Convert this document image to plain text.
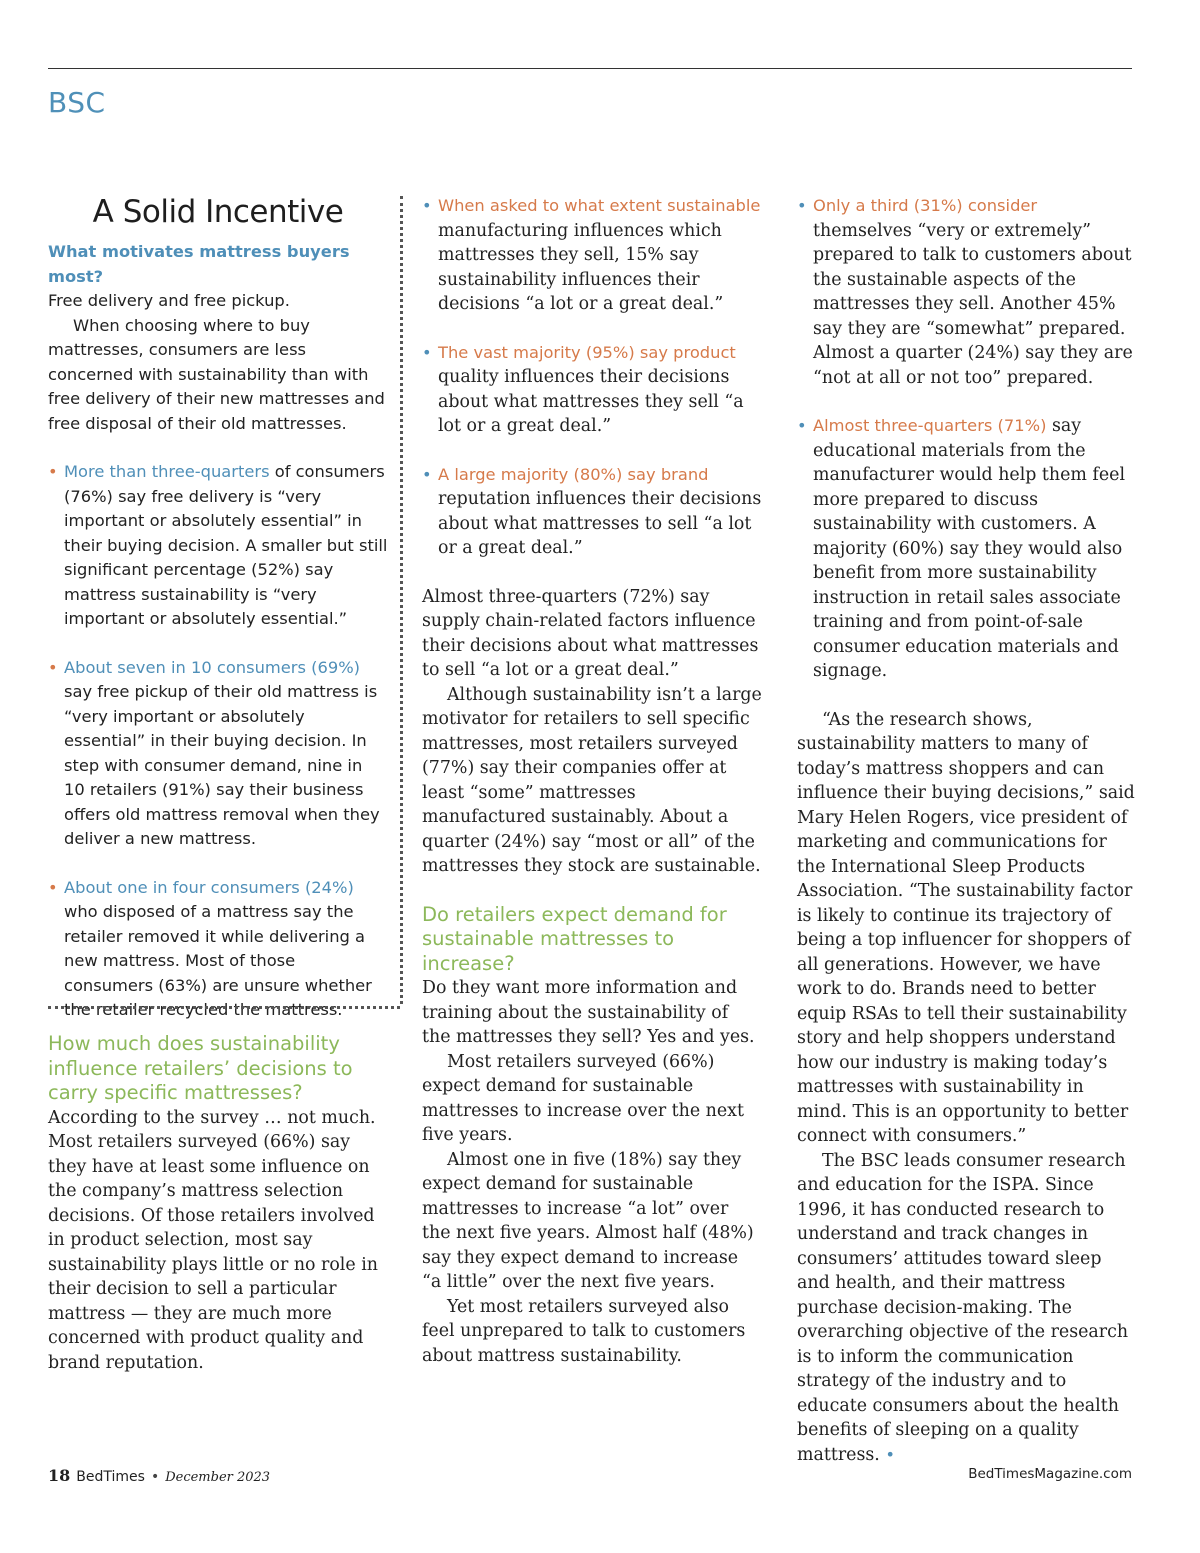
BSC
A Solid Incentive

What motivates mattress buyers most?

Free delivery and free pickup.

When choosing where to buy mattresses, consumers are less concerned with sustainability than with free delivery of their new mattresses and free disposal of their old mattresses.

• More than three-quarters of consumers (76%) say free delivery is “very important or absolutely essential” in their buying decision. A smaller but still significant percentage (52%) say mattress sustainability is “very important or absolutely essential.”
• About seven in 10 consumers (69%) say free pickup of their old mattress is “very important or absolutely essential” in their buying decision. In step with consumer demand, nine in 10 retailers (91%) say their business offers old mattress removal when they deliver a new mattress.
• About one in four consumers (24%) who disposed of a mattress say the retailer removed it while delivering a new mattress. Most of those consumers (63%) are unsure whether the retailer recycled the mattress.

How much does sustainability influence retailers’ decisions to carry specific mattresses?

According to the survey … not much. Most retailers surveyed (66%) say they have at least some influence on the company’s mattress selection decisions. Of those retailers involved in product selection, most say sustainability plays little or no role in their decision to sell a particular mattress — they are much more concerned with product quality and brand reputation.

• When asked to what extent sustainable manufacturing influences which mattresses they sell, 15% say sustainability influences their decisions “a lot or a great deal.”
• The vast majority (95%) say product quality influences their decisions about what mattresses they sell “a lot or a great deal.”
• A large majority (80%) say brand reputation influences their decisions about what mattresses to sell “a lot or a great deal.”

Almost three-quarters (72%) say supply chain-related factors influence their decisions about what mattresses to sell “a lot or a great deal.”

Although sustainability isn’t a large motivator for retailers to sell specific mattresses, most retailers surveyed (77%) say their companies offer at least “some” mattresses manufactured sustainably. About a quarter (24%) say “most or all” of the mattresses they stock are sustainable.

Do retailers expect demand for sustainable mattresses to increase?

Do they want more information and training about the sustainability of the mattresses they sell? Yes and yes.

Most retailers surveyed (66%) expect demand for sustainable mattresses to increase over the next five years.

Almost one in five (18%) say they expect demand for sustainable mattresses to increase “a lot” over the next five years. Almost half (48%) say they expect demand to increase “a little” over the next five years.

Yet most retailers surveyed also feel unprepared to talk to customers about mattress sustainability.

• Only a third (31%) consider themselves “very or extremely” prepared to talk to customers about the sustainable aspects of the mattresses they sell. Another 45% say they are “somewhat” prepared. Almost a quarter (24%) say they are “not at all or not too” prepared.
• Almost three-quarters (71%) say educational materials from the manufacturer would help them feel more prepared to discuss sustainability with customers. A majority (60%) say they would also benefit from more sustainability instruction in retail sales associate training and from point-of-sale consumer education materials and signage.

“As the research shows, sustainability matters to many of today’s mattress shoppers and can influence their buying decisions,” said Mary Helen Rogers, vice president of marketing and communications for the International Sleep Products Association. “The sustainability factor is likely to continue its trajectory of being a top influencer for shoppers of all generations. However, we have work to do. Brands need to better equip RSAs to tell their sustainability story and help shoppers understand how our industry is making today’s mattresses with sustainability in mind. This is an opportunity to better connect with consumers.”

The BSC leads consumer research and education for the ISPA. Since 1996, it has conducted research to understand and track changes in consumers’ attitudes toward sleep and health, and their mattress purchase decision-making. The overarching objective of the research is to inform the communication strategy of the industry and to educate consumers about the health benefits of sleeping on a quality mattress. •

18 BedTimes • December 2023	BedTimesMagazine.com
